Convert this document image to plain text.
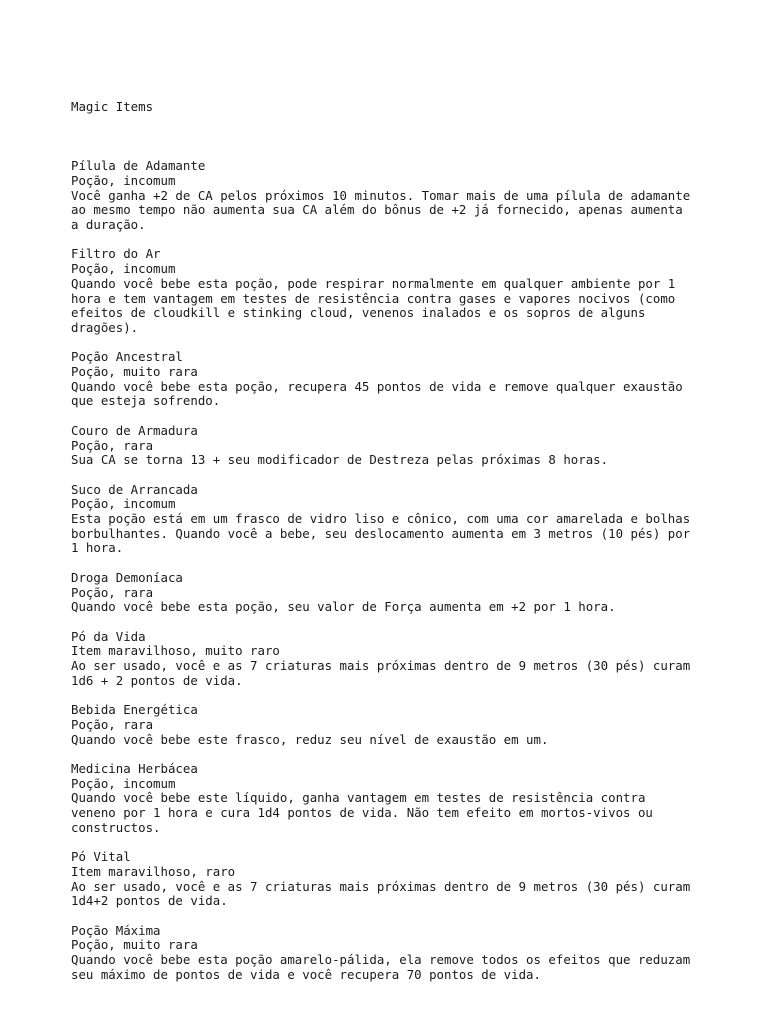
Magic Items

Pílula de Adamante
Poção, incomum
Você ganha +2 de CA pelos próximos 10 minutos. Tomar mais de uma pílula de adamante
ao mesmo tempo não aumenta sua CA além do bônus de +2 já fornecido, apenas aumenta
a duração.
Filtro do Ar
Poção, incomum
Quando você bebe esta poção, pode respirar normalmente em qualquer ambiente por 1
hora e tem vantagem em testes de resistência contra gases e vapores nocivos (como
efeitos de cloudkill e stinking cloud, venenos inalados e os sopros de alguns
dragões).
Poção Ancestral
Poção, muito rara
Quando você bebe esta poção, recupera 45 pontos de vida e remove qualquer exaustão
que esteja sofrendo.
Couro de Armadura
Poção, rara
Sua CA se torna 13 + seu modificador de Destreza pelas próximas 8 horas.
Suco de Arrancada
Poção, incomum
Esta poção está em um frasco de vidro liso e cônico, com uma cor amarelada e bolhas
borbulhantes. Quando você a bebe, seu deslocamento aumenta em 3 metros (10 pés) por
1 hora.
Droga Demoníaca
Poção, rara
Quando você bebe esta poção, seu valor de Força aumenta em +2 por 1 hora.
Pó da Vida
Item maravilhoso, muito raro
Ao ser usado, você e as 7 criaturas mais próximas dentro de 9 metros (30 pés) curam
1d6 + 2 pontos de vida.
Bebida Energética
Poção, rara
Quando você bebe este frasco, reduz seu nível de exaustão em um.
Medicina Herbácea
Poção, incomum
Quando você bebe este líquido, ganha vantagem em testes de resistência contra
veneno por 1 hora e cura 1d4 pontos de vida. Não tem efeito em mortos-vivos ou
constructos.
Pó Vital
Item maravilhoso, raro
Ao ser usado, você e as 7 criaturas mais próximas dentro de 9 metros (30 pés) curam
1d4+2 pontos de vida.
Poção Máxima
Poção, muito rara
Quando você bebe esta poção amarelo-pálida, ela remove todos os efeitos que reduzam
seu máximo de pontos de vida e você recupera 70 pontos de vida.
